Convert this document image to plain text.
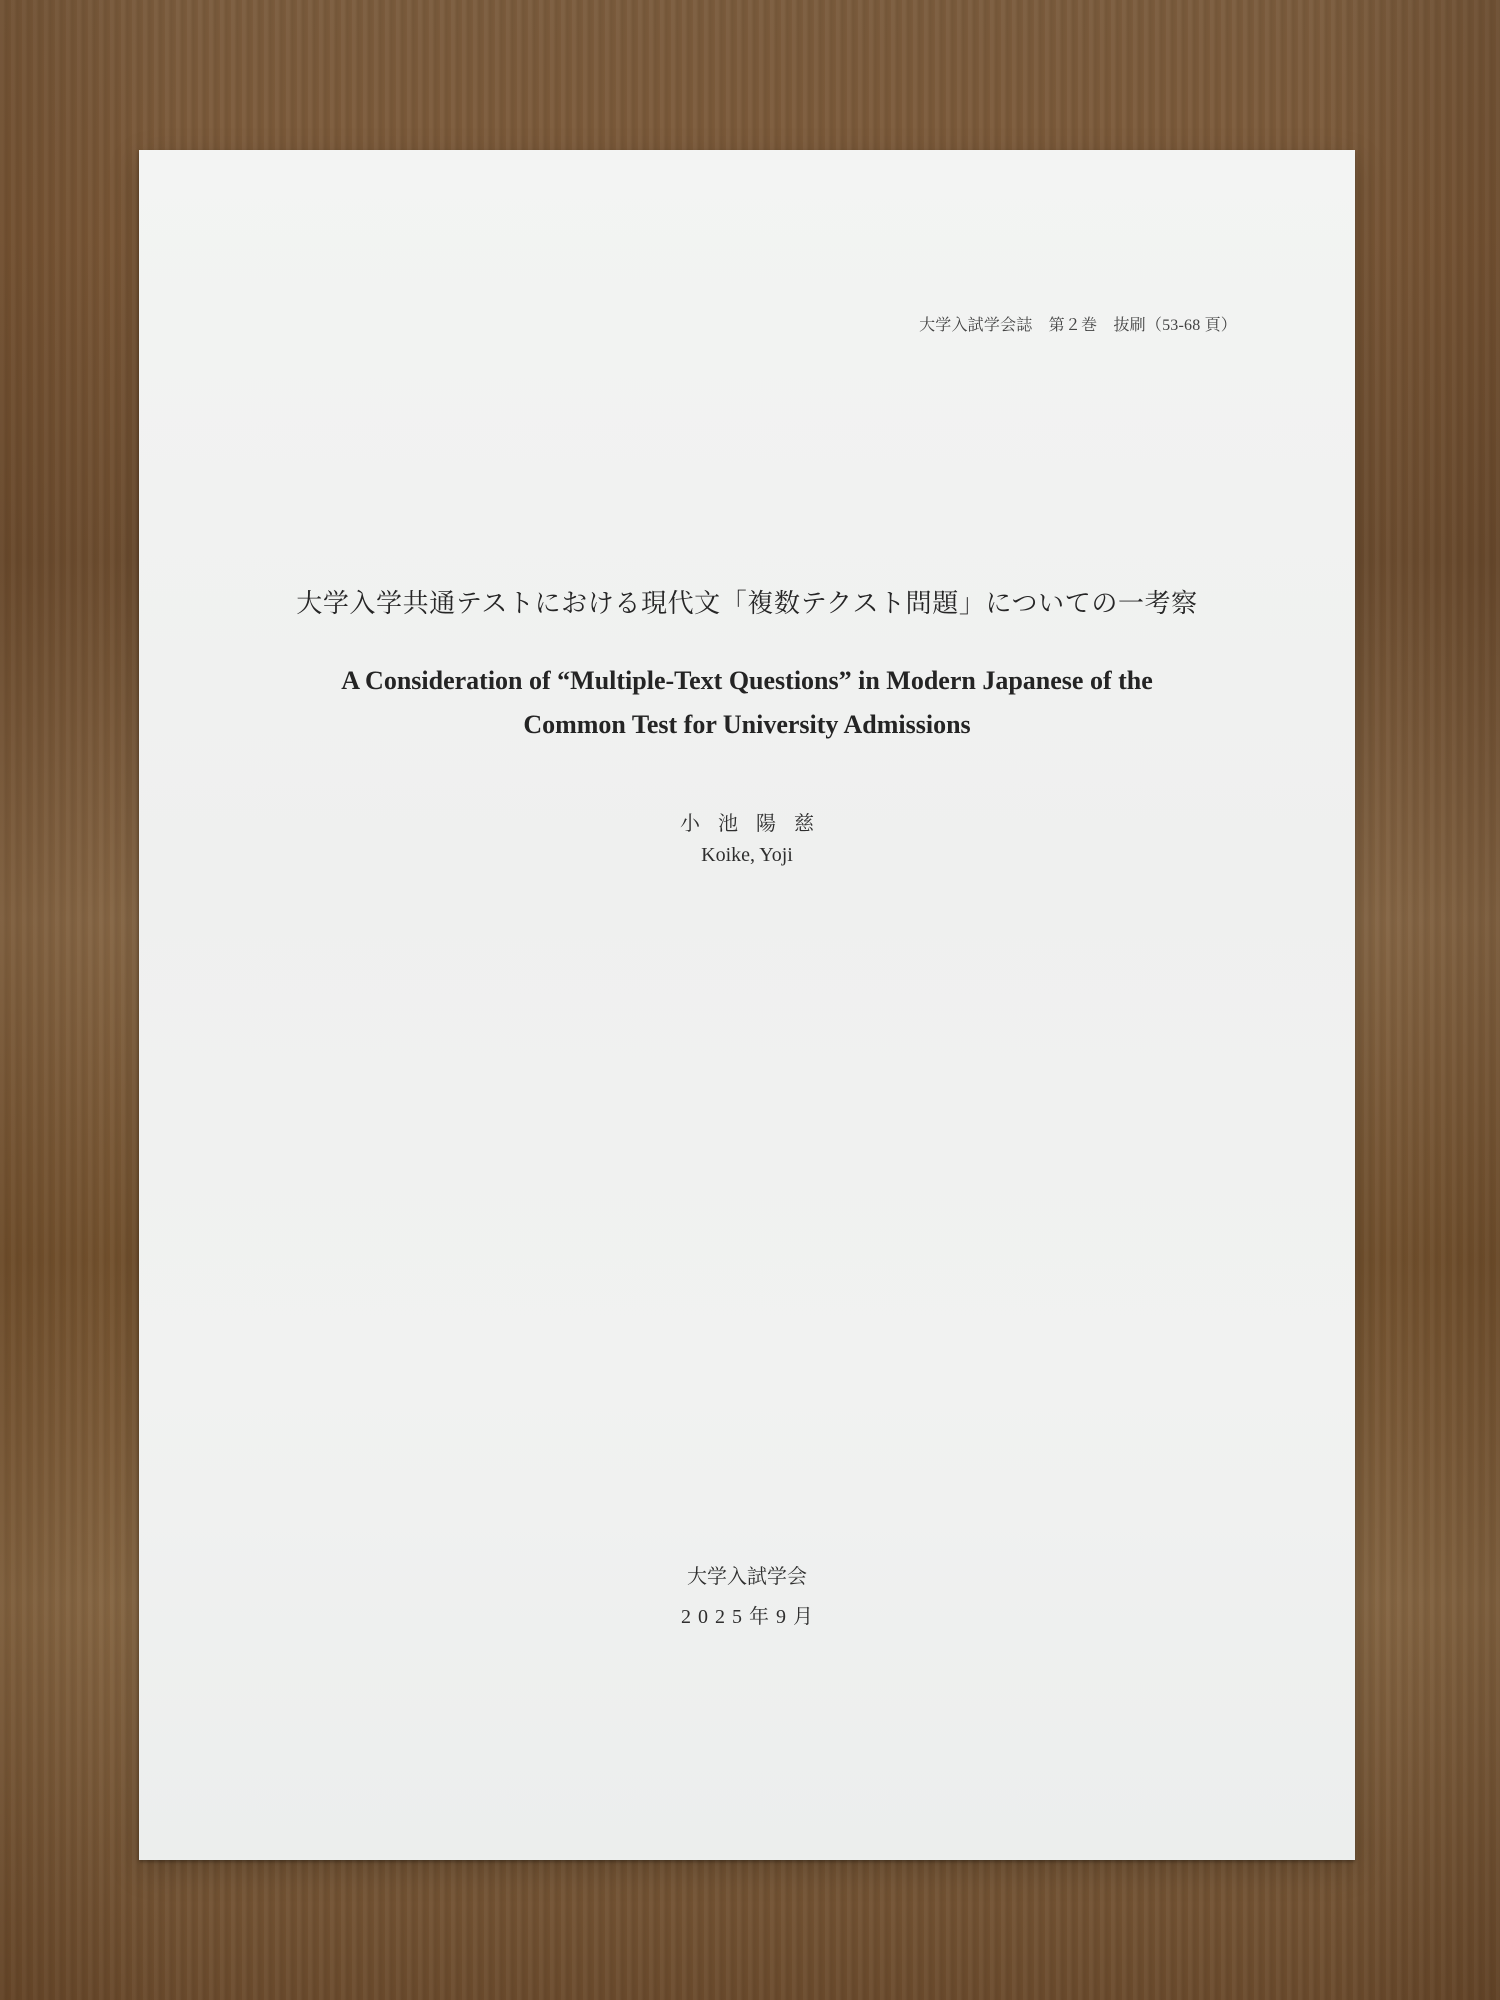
大学入試学会誌　第２巻　抜刷（53-68 頁）
大学入学共通テストにおける現代文「複数テクスト問題」についての一考察
A Consideration of “Multiple-Text Questions” in Modern Japanese of the
Common Test for University Admissions
小池陽慈
Koike, Yoji
大学入試学会
2025年9月
